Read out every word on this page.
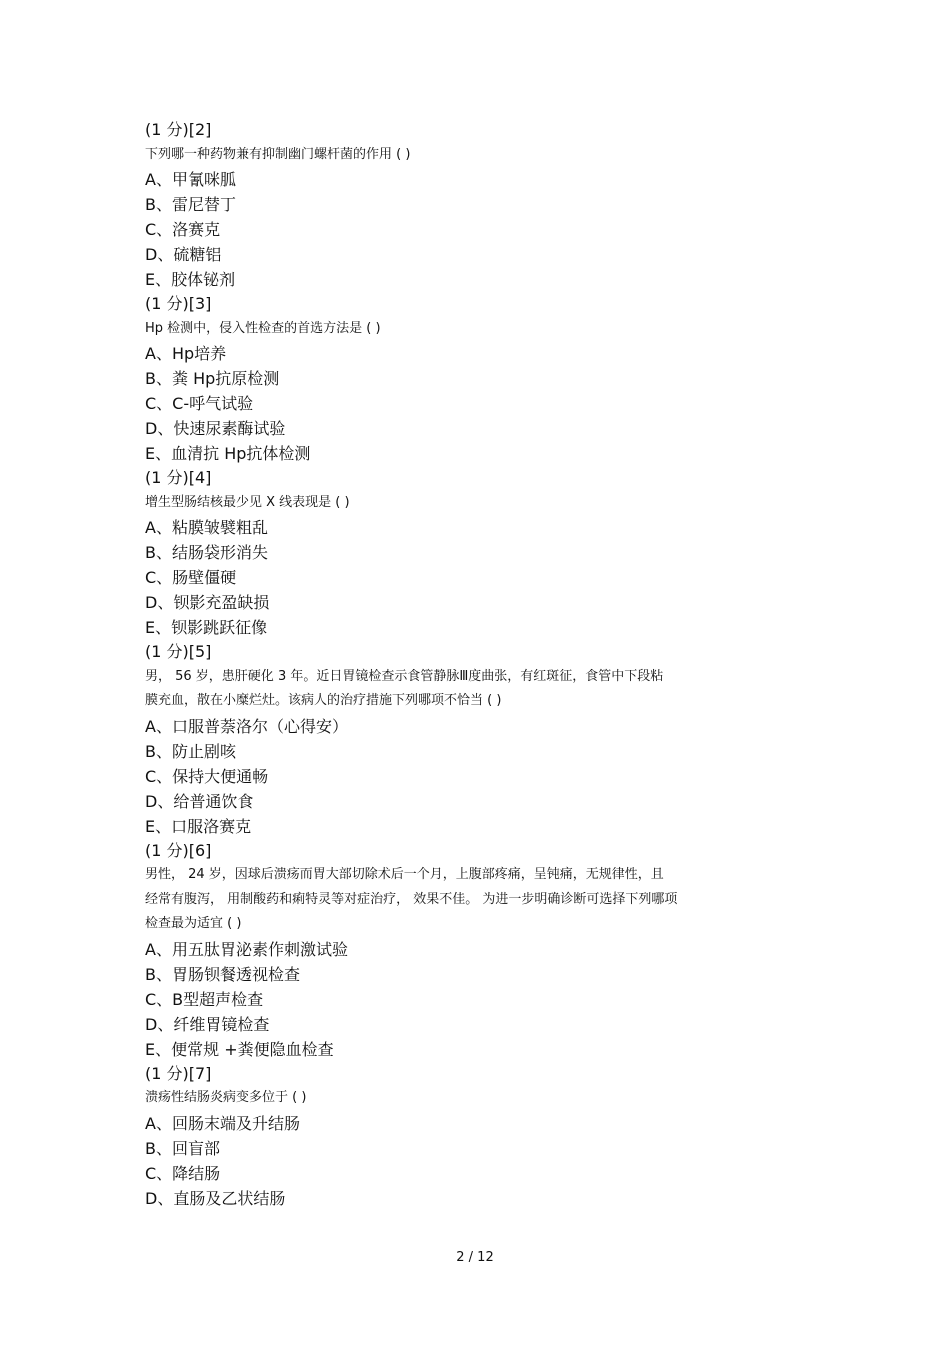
(1 分)[2]
下列哪一种药物兼有抑制幽门螺杆菌的作用 ( )
A、甲氰咪胍
B、雷尼替丁
C、洛赛克
D、硫糖铝
E、胶体铋剂
(1 分)[3]
Hp 检测中，侵入性检查的首选方法是 ( )
A、Hp培养
B、粪 Hp抗原检测
C、C-呼气试验
D、快速尿素酶试验
E、血清抗 Hp抗体检测
(1 分)[4]
增生型肠结核最少见 X 线表现是 ( )
A、粘膜皱襞粗乱
B、结肠袋形消失
C、肠壁僵硬
D、钡影充盈缺损
E、钡影跳跃征像
(1 分)[5]
男， 56 岁，患肝硬化 3 年。近日胃镜检查示食管静脉Ⅲ度曲张，有红斑征，食管中下段粘
膜充血，散在小糜烂灶。该病人的治疗措施下列哪项不恰当 ( )
A、口服普萘洛尔（心得安）
B、防止剧咳
C、保持大便通畅
D、给普通饮食
E、口服洛赛克
(1 分)[6]
男性， 24 岁，因球后溃疡而胃大部切除术后一个月，上腹部疼痛，呈钝痛，无规律性，且
经常有腹泻， 用制酸药和痢特灵等对症治疗， 效果不佳。 为进一步明确诊断可选择下列哪项
检查最为适宜 ( )
A、用五肽胃泌素作刺激试验
B、胃肠钡餐透视检查
C、B型超声检查
D、纤维胃镜检查
E、便常规 +粪便隐血检查
(1 分)[7]
溃疡性结肠炎病变多位于 ( )
A、回肠末端及升结肠
B、回盲部
C、降结肠
D、直肠及乙状结肠
2 / 12
